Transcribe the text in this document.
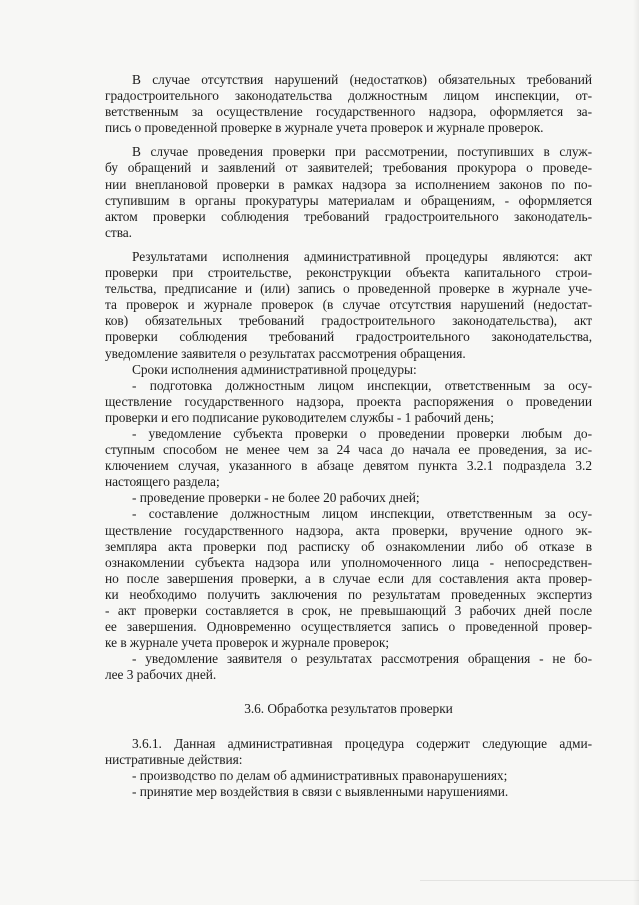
В случае отсутствия нарушений (недостатков) обязательных требований
градостроительного законодательства должностным лицом инспекции, от-
ветственным за осуществление государственного надзора, оформляется за-
пись о проведенной проверке в журнале учета проверок и журнале проверок.
В случае проведения проверки при рассмотрении, поступивших в служ-
бу обращений и заявлений от заявителей; требования прокурора о проведе-
нии внеплановой проверки в рамках надзора за исполнением законов по по-
ступившим в органы прокуратуры материалам и обращениям, - оформляется
актом проверки соблюдения требований градостроительного законодатель-
ства.
Результатами исполнения административной процедуры являются: акт
проверки при строительстве, реконструкции объекта капитального строи-
тельства, предписание и (или) запись о проведенной проверке в журнале уче-
та проверок и журнале проверок (в случае отсутствия нарушений (недостат-
ков) обязательных требований градостроительного законодательства), акт
проверки соблюдения требований градостроительного законодательства,
уведомление заявителя о результатах рассмотрения обращения.
Сроки исполнения административной процедуры:
- подготовка должностным лицом инспекции, ответственным за осу-
ществление государственного надзора, проекта распоряжения о проведении
проверки и его подписание руководителем службы - 1 рабочий день;
- уведомление субъекта проверки о проведении проверки любым до-
ступным способом не менее чем за 24 часа до начала ее проведения, за ис-
ключением случая, указанного в абзаце девятом пункта 3.2.1 подраздела 3.2
настоящего раздела;
- проведение проверки - не более 20 рабочих дней;
- составление должностным лицом инспекции, ответственным за осу-
ществление государственного надзора, акта проверки, вручение одного эк-
земпляра акта проверки под расписку об ознакомлении либо об отказе в
ознакомлении субъекта надзора или уполномоченного лица - непосредствен-
но после завершения проверки, а в случае если для составления акта провер-
ки необходимо получить заключения по результатам проведенных экспертиз
- акт проверки составляется в срок, не превышающий 3 рабочих дней после
ее завершения. Одновременно осуществляется запись о проведенной провер-
ке в журнале учета проверок и журнале проверок;
- уведомление заявителя о результатах рассмотрения обращения - не бо-
лее 3 рабочих дней.
3.6. Обработка результатов проверки
3.6.1. Данная административная процедура содержит следующие адми-
нистративные действия:
- производство по делам об административных правонарушениях;
- принятие мер воздействия в связи с выявленными нарушениями.
